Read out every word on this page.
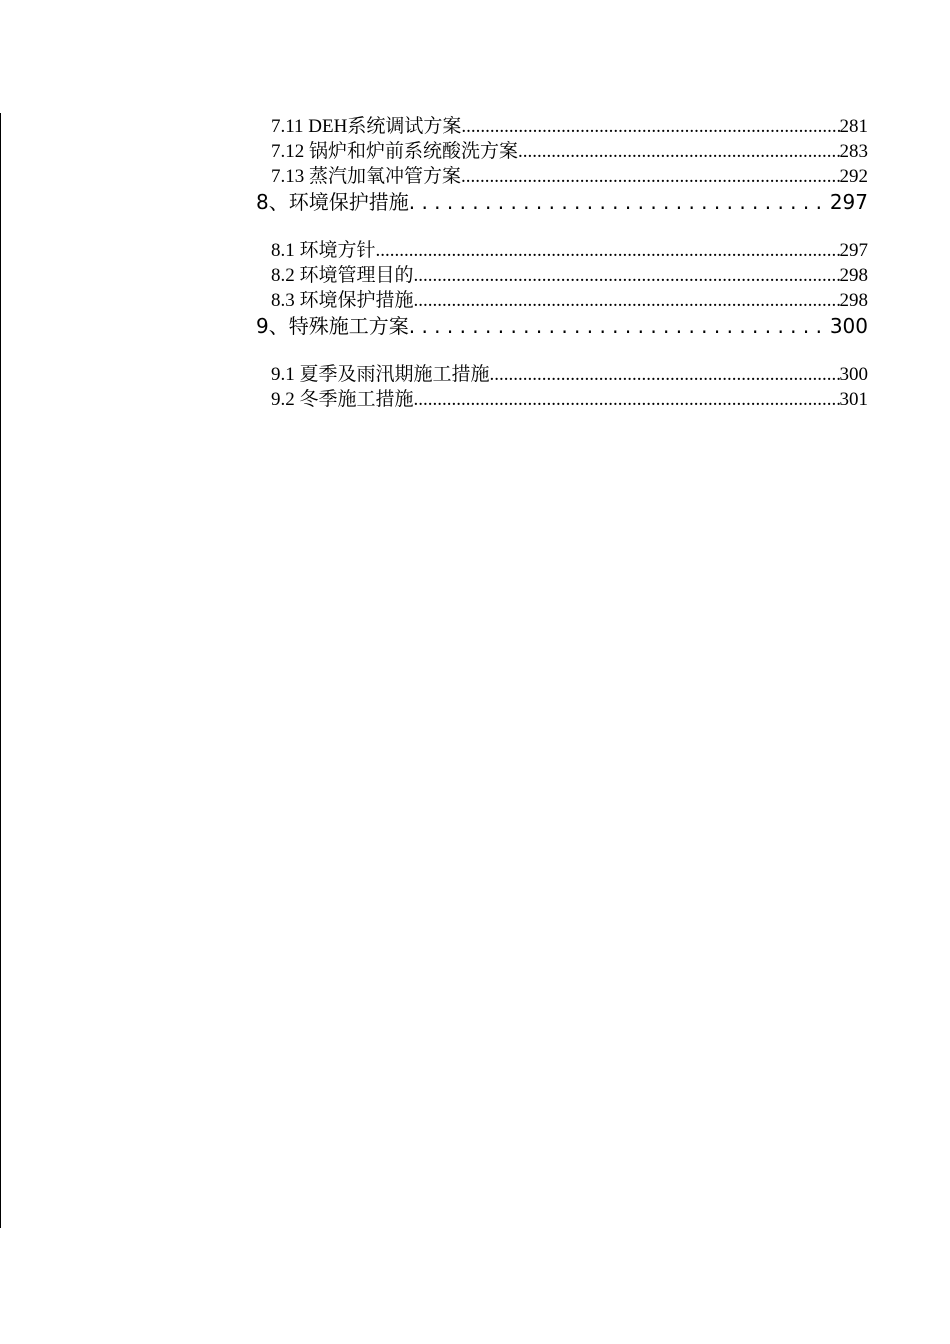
7.11 DEH系统调试方案 .....	281
7.12 锅炉和炉前系统酸洗方案 .....	283
7.13 蒸汽加氧冲管方案 .....	292
8、环境保护措施 . . .	297
8.1 环境方针 .....	297
8.2 环境管理目的 .....	298
8.3 环境保护措施 .....	298
9、特殊施工方案 . . .	300
9.1 夏季及雨汛期施工措施 .....	300
9.2 冬季施工措施 .....	301
